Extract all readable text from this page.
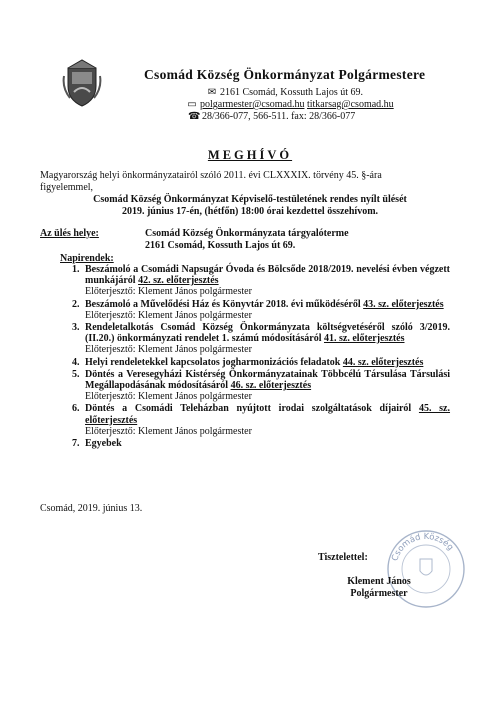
Csomád Község Önkormányzat Polgármestere
✉ 2161 Csomád, Kossuth Lajos út 69.
▭ polgarmester@csomad.hu titkarsag@csomad.hu
☎ 28/366-077, 566-511. fax: 28/366-077
MEGHÍVÓ
Magyarország helyi önkormányzatairól szóló 2011. évi CLXXXIX. törvény 45. §-ára
figyelemmel,
Csomád Község Önkormányzat Képviselő-testületének rendes nyílt ülését
2019. június 17-én, (hétfőn) 18:00 órai kezdettel összehívom.
Az ülés helye:	Csomád Község Önkormányzata tárgyalóterme
2161 Csomád, Kossuth Lajos út 69.
Napirendek:
1. Beszámoló a Csomádi Napsugár Óvoda és Bölcsőde 2018/2019. nevelési évben végzett munkájáról 42. sz. előterjesztés
Előterjesztő: Klement János polgármester
2. Beszámoló a Művelődési Ház és Könyvtár 2018. évi működéséről 43. sz. előterjesztés
Előterjesztő: Klement János polgármester
3. Rendeletalkotás Csomád Község Önkormányzata költségvetéséről szóló 3/2019. (II.20.) önkormányzati rendelet 1. számú módosításáról 41. sz. előterjesztés
Előterjesztő: Klement János polgármester
4. Helyi rendeletekkel kapcsolatos jogharmonizációs feladatok 44. sz. előterjesztés
5. Döntés a Veresegyházi Kistérség Önkormányzatainak Többcélú Társulása Társulási Megállapodásának módosításáról 46. sz. előterjesztés
Előterjesztő: Klement János polgármester
6. Döntés a Csomádi Teleházban nyújtott irodai szolgáltatások díjairól 45. sz. előterjesztés
Előterjesztő: Klement János polgármester
7. Egyebek
Csomád, 2019. június 13.
Tisztelettel:	Csomád Község
Klement János
Polgármester
